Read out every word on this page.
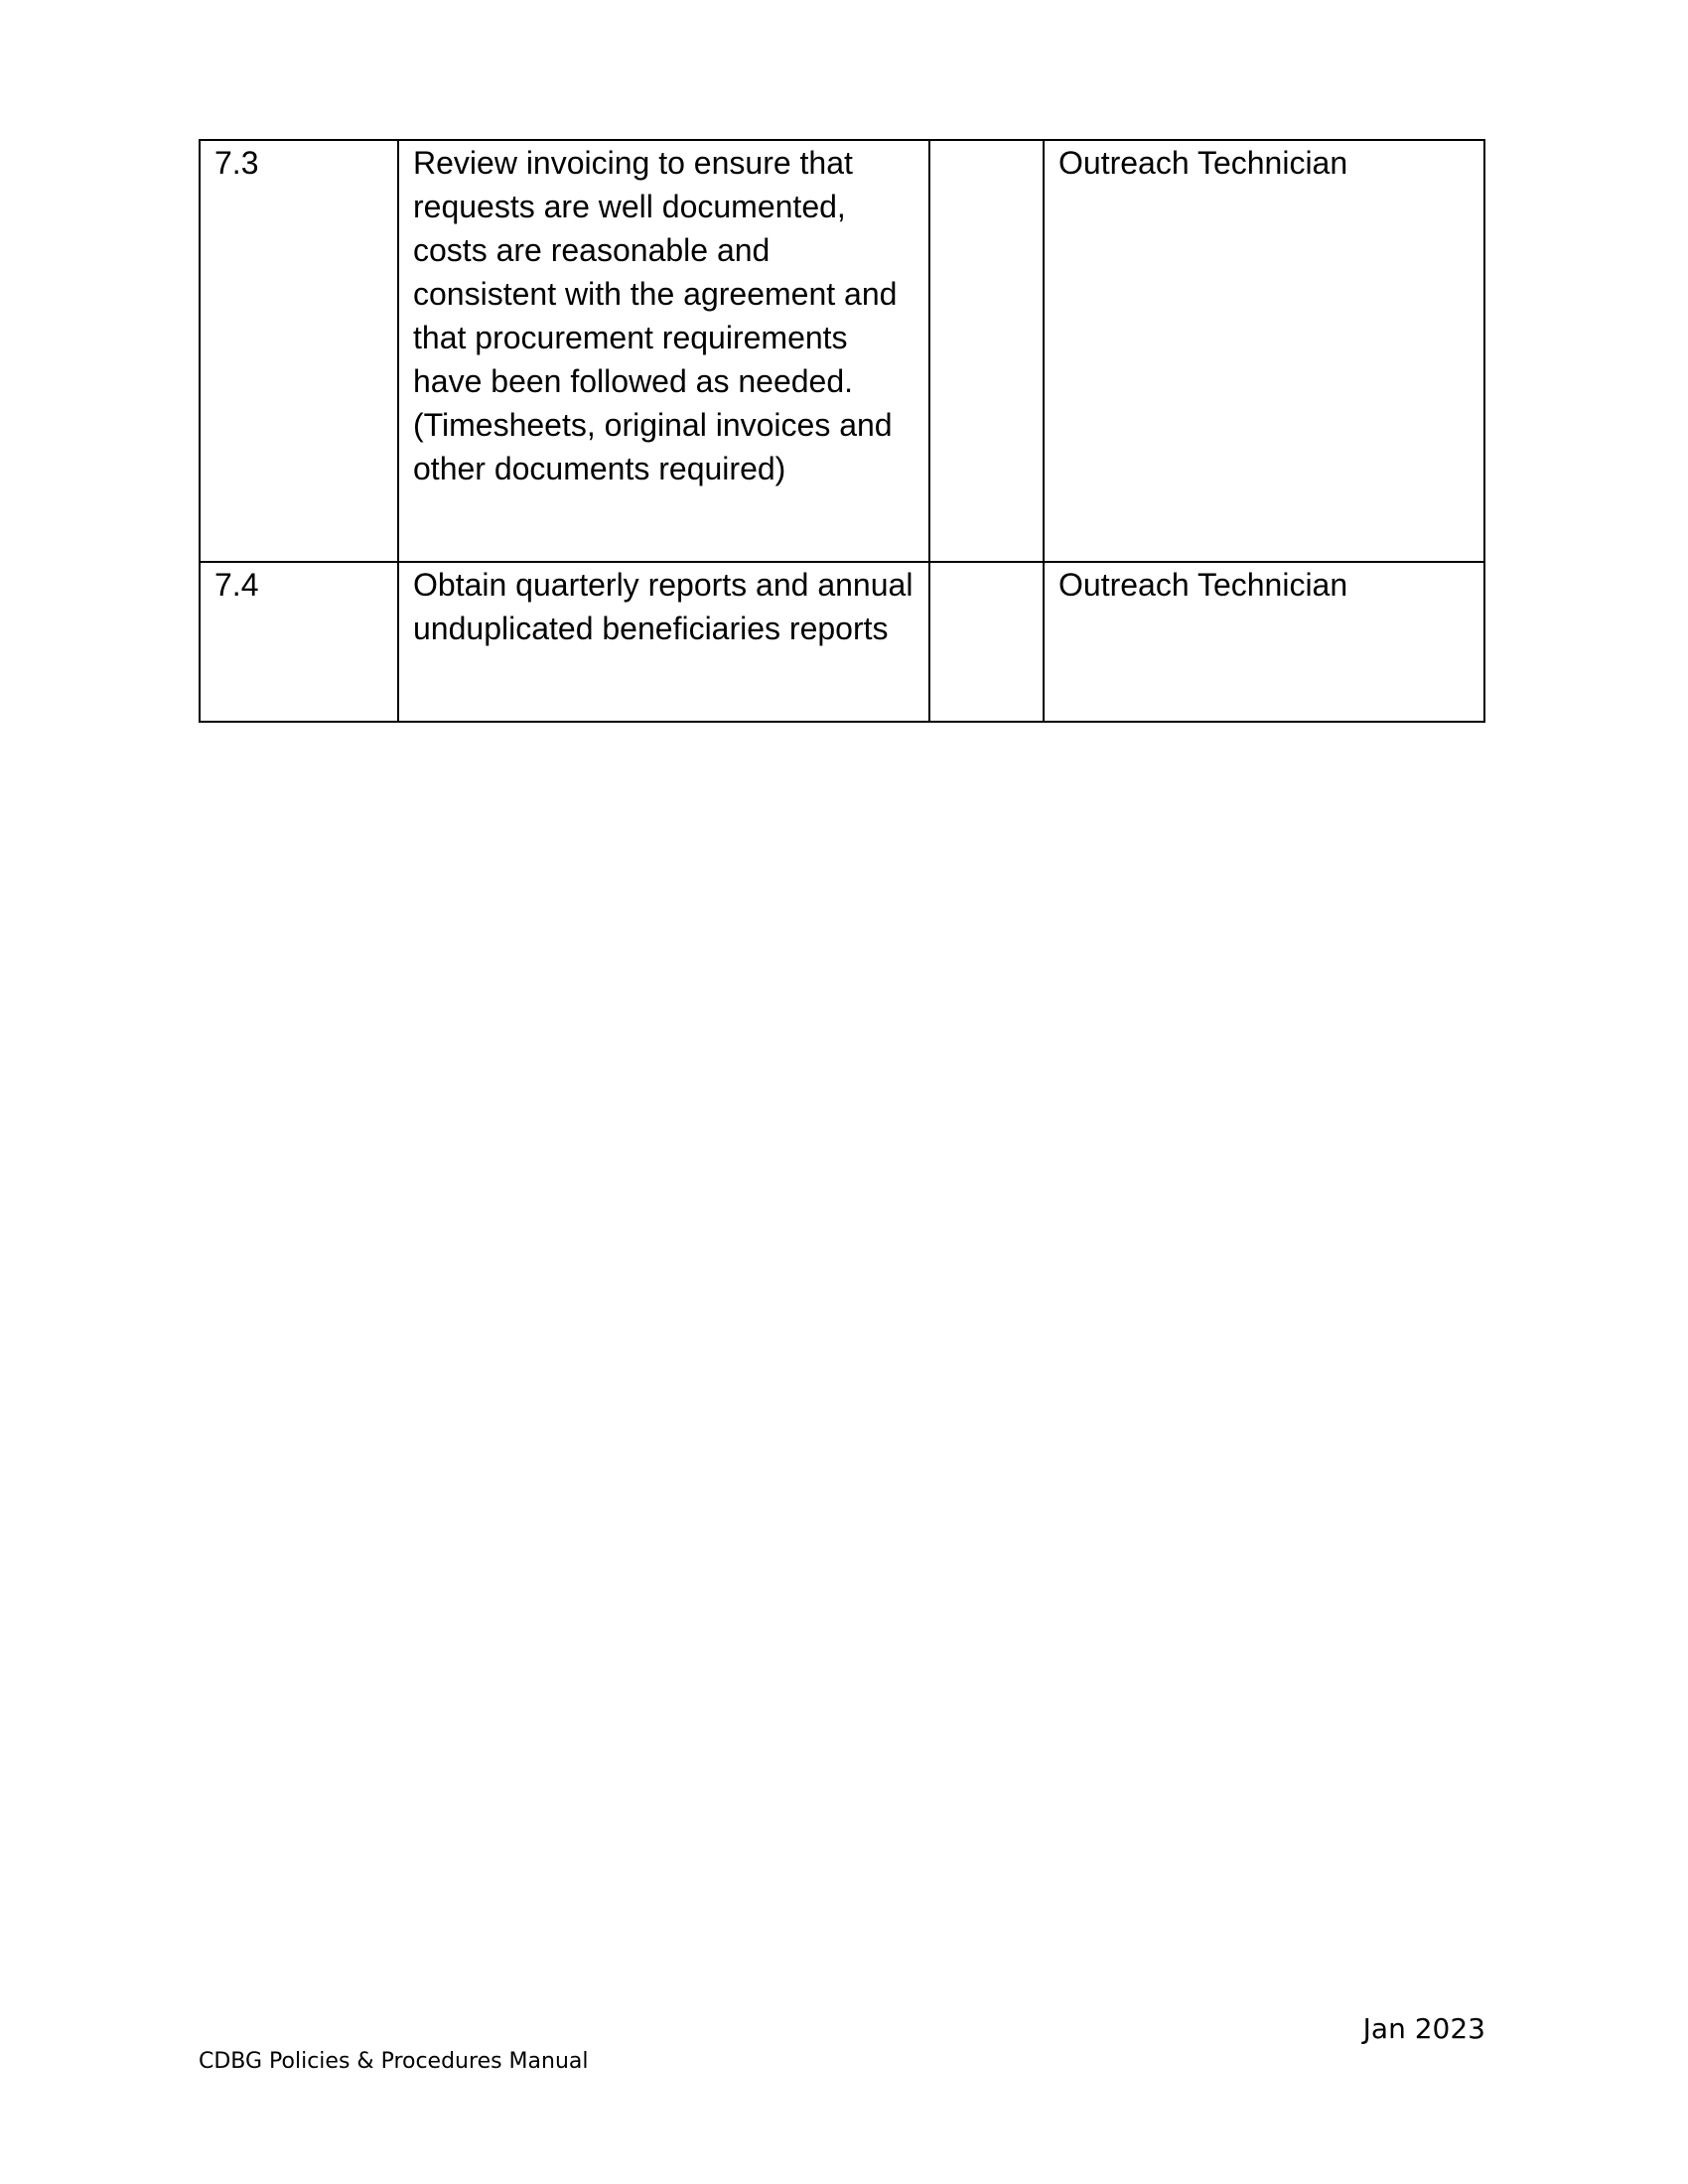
7.3	Review invoicing to ensure that requests are well documented, costs are reasonable and consistent with the agreement and that procurement requirements have been followed as needed. (Timesheets, original invoices and other documents required)		Outreach Technician
7.4	Obtain quarterly reports and annual unduplicated beneficiaries reports		Outreach Technician
Jan 2023
CDBG Policies & Procedures Manual
